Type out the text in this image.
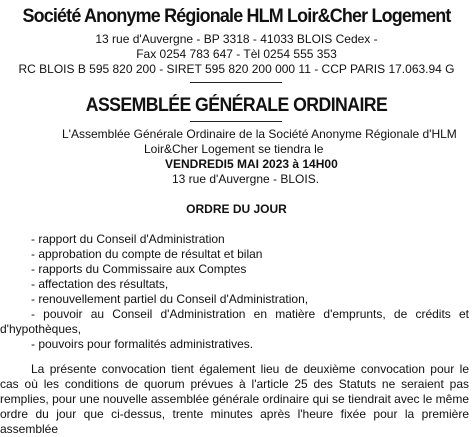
Société Anonyme Régionale HLM Loir&Cher Logement
13 rue d'Auvergne - BP 3318 - 41033 BLOIS Cedex -
Fax 0254 783 647 - Tèl 0254 555 353
RC BLOIS B 595 820 200 - SIRET 595 820 200 000 11 - CCP PARIS 17.063.94 G
ASSEMBLÉE GÉNÉRALE ORDINAIRE
L'Assemblée Générale Ordinaire de la Société Anonyme Régionale d'HLM
Loir&Cher Logement se tiendra le
VENDREDI5 MAI 2023 à 14H00
13 rue d'Auvergne - BLOIS.
ORDRE DU JOUR
- rapport du Conseil d'Administration
- approbation du compte de résultat et bilan
- rapports du Commissaire aux Comptes
- affectation des résultats,
- renouvellement partiel du Conseil d'Administration,
- pouvoir au Conseil d'Administration en matière d'emprunts, de crédits et d'hypothèques,
- pouvoirs pour formalités administratives.

La présente convocation tient également lieu de deuxième convocation pour le cas où les conditions de quorum prévues à l'article 25 des Statuts ne seraient pas remplies, pour une nouvelle assemblée générale ordinaire qui se tiendrait avec le même ordre du jour que ci-dessus, trente minutes après l'heure fixée pour la première assemblée
